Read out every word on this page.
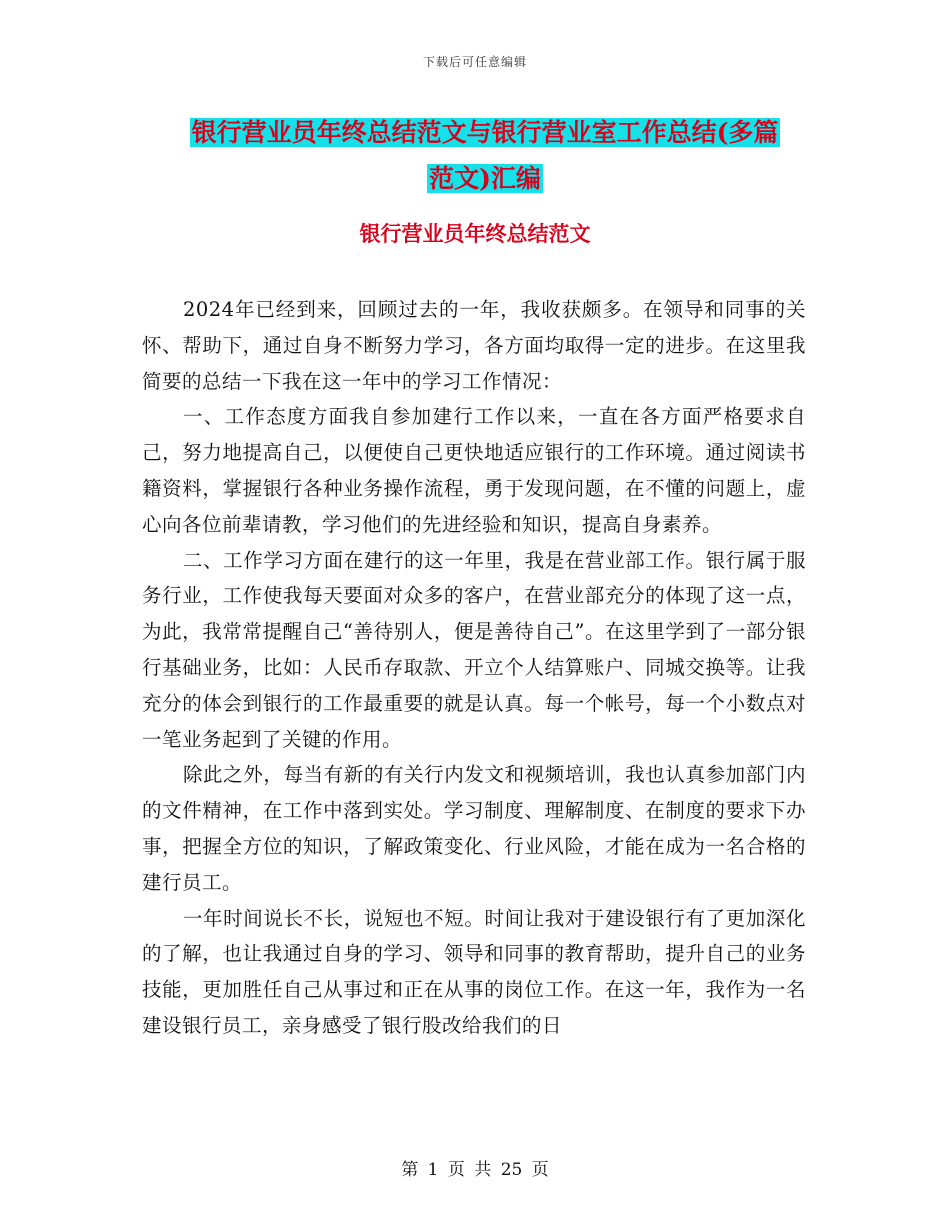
下载后可任意编辑
银行营业员年终总结范文与银行营业室工作总结(多篇
范文)汇编
银行营业员年终总结范文

2024年已经到来，回顾过去的一年，我收获颇多。在领导和同事的关怀、帮助下，通过自身不断努力学习，各方面均取得一定的进步。在这里我简要的总结一下我在这一年中的学习工作情况：

一、工作态度方面我自参加建行工作以来，一直在各方面严格要求自己，努力地提高自己，以便使自己更快地适应银行的工作环境。通过阅读书籍资料，掌握银行各种业务操作流程，勇于发现问题，在不懂的问题上，虚心向各位前辈请教，学习他们的先进经验和知识，提高自身素养。

二、工作学习方面在建行的这一年里，我是在营业部工作。银行属于服务行业，工作使我每天要面对众多的客户，在营业部充分的体现了这一点，为此，我常常提醒自己“善待别人，便是善待自己”。在这里学到了一部分银行基础业务，比如：人民币存取款、开立个人结算账户、同城交换等。让我充分的体会到银行的工作最重要的就是认真。每一个帐号，每一个小数点对一笔业务起到了关键的作用。

除此之外，每当有新的有关行内发文和视频培训，我也认真参加部门内的文件精神，在工作中落到实处。学习制度、理解制度、在制度的要求下办事，把握全方位的知识，了解政策变化、行业风险，才能在成为一名合格的建行员工。

一年时间说长不长，说短也不短。时间让我对于建设银行有了更加深化的了解，也让我通过自身的学习、领导和同事的教育帮助，提升自己的业务技能，更加胜任自己从事过和正在从事的岗位工作。在这一年，我作为一名建设银行员工，亲身感受了银行股改给我们的日

第 1 页 共 25 页
